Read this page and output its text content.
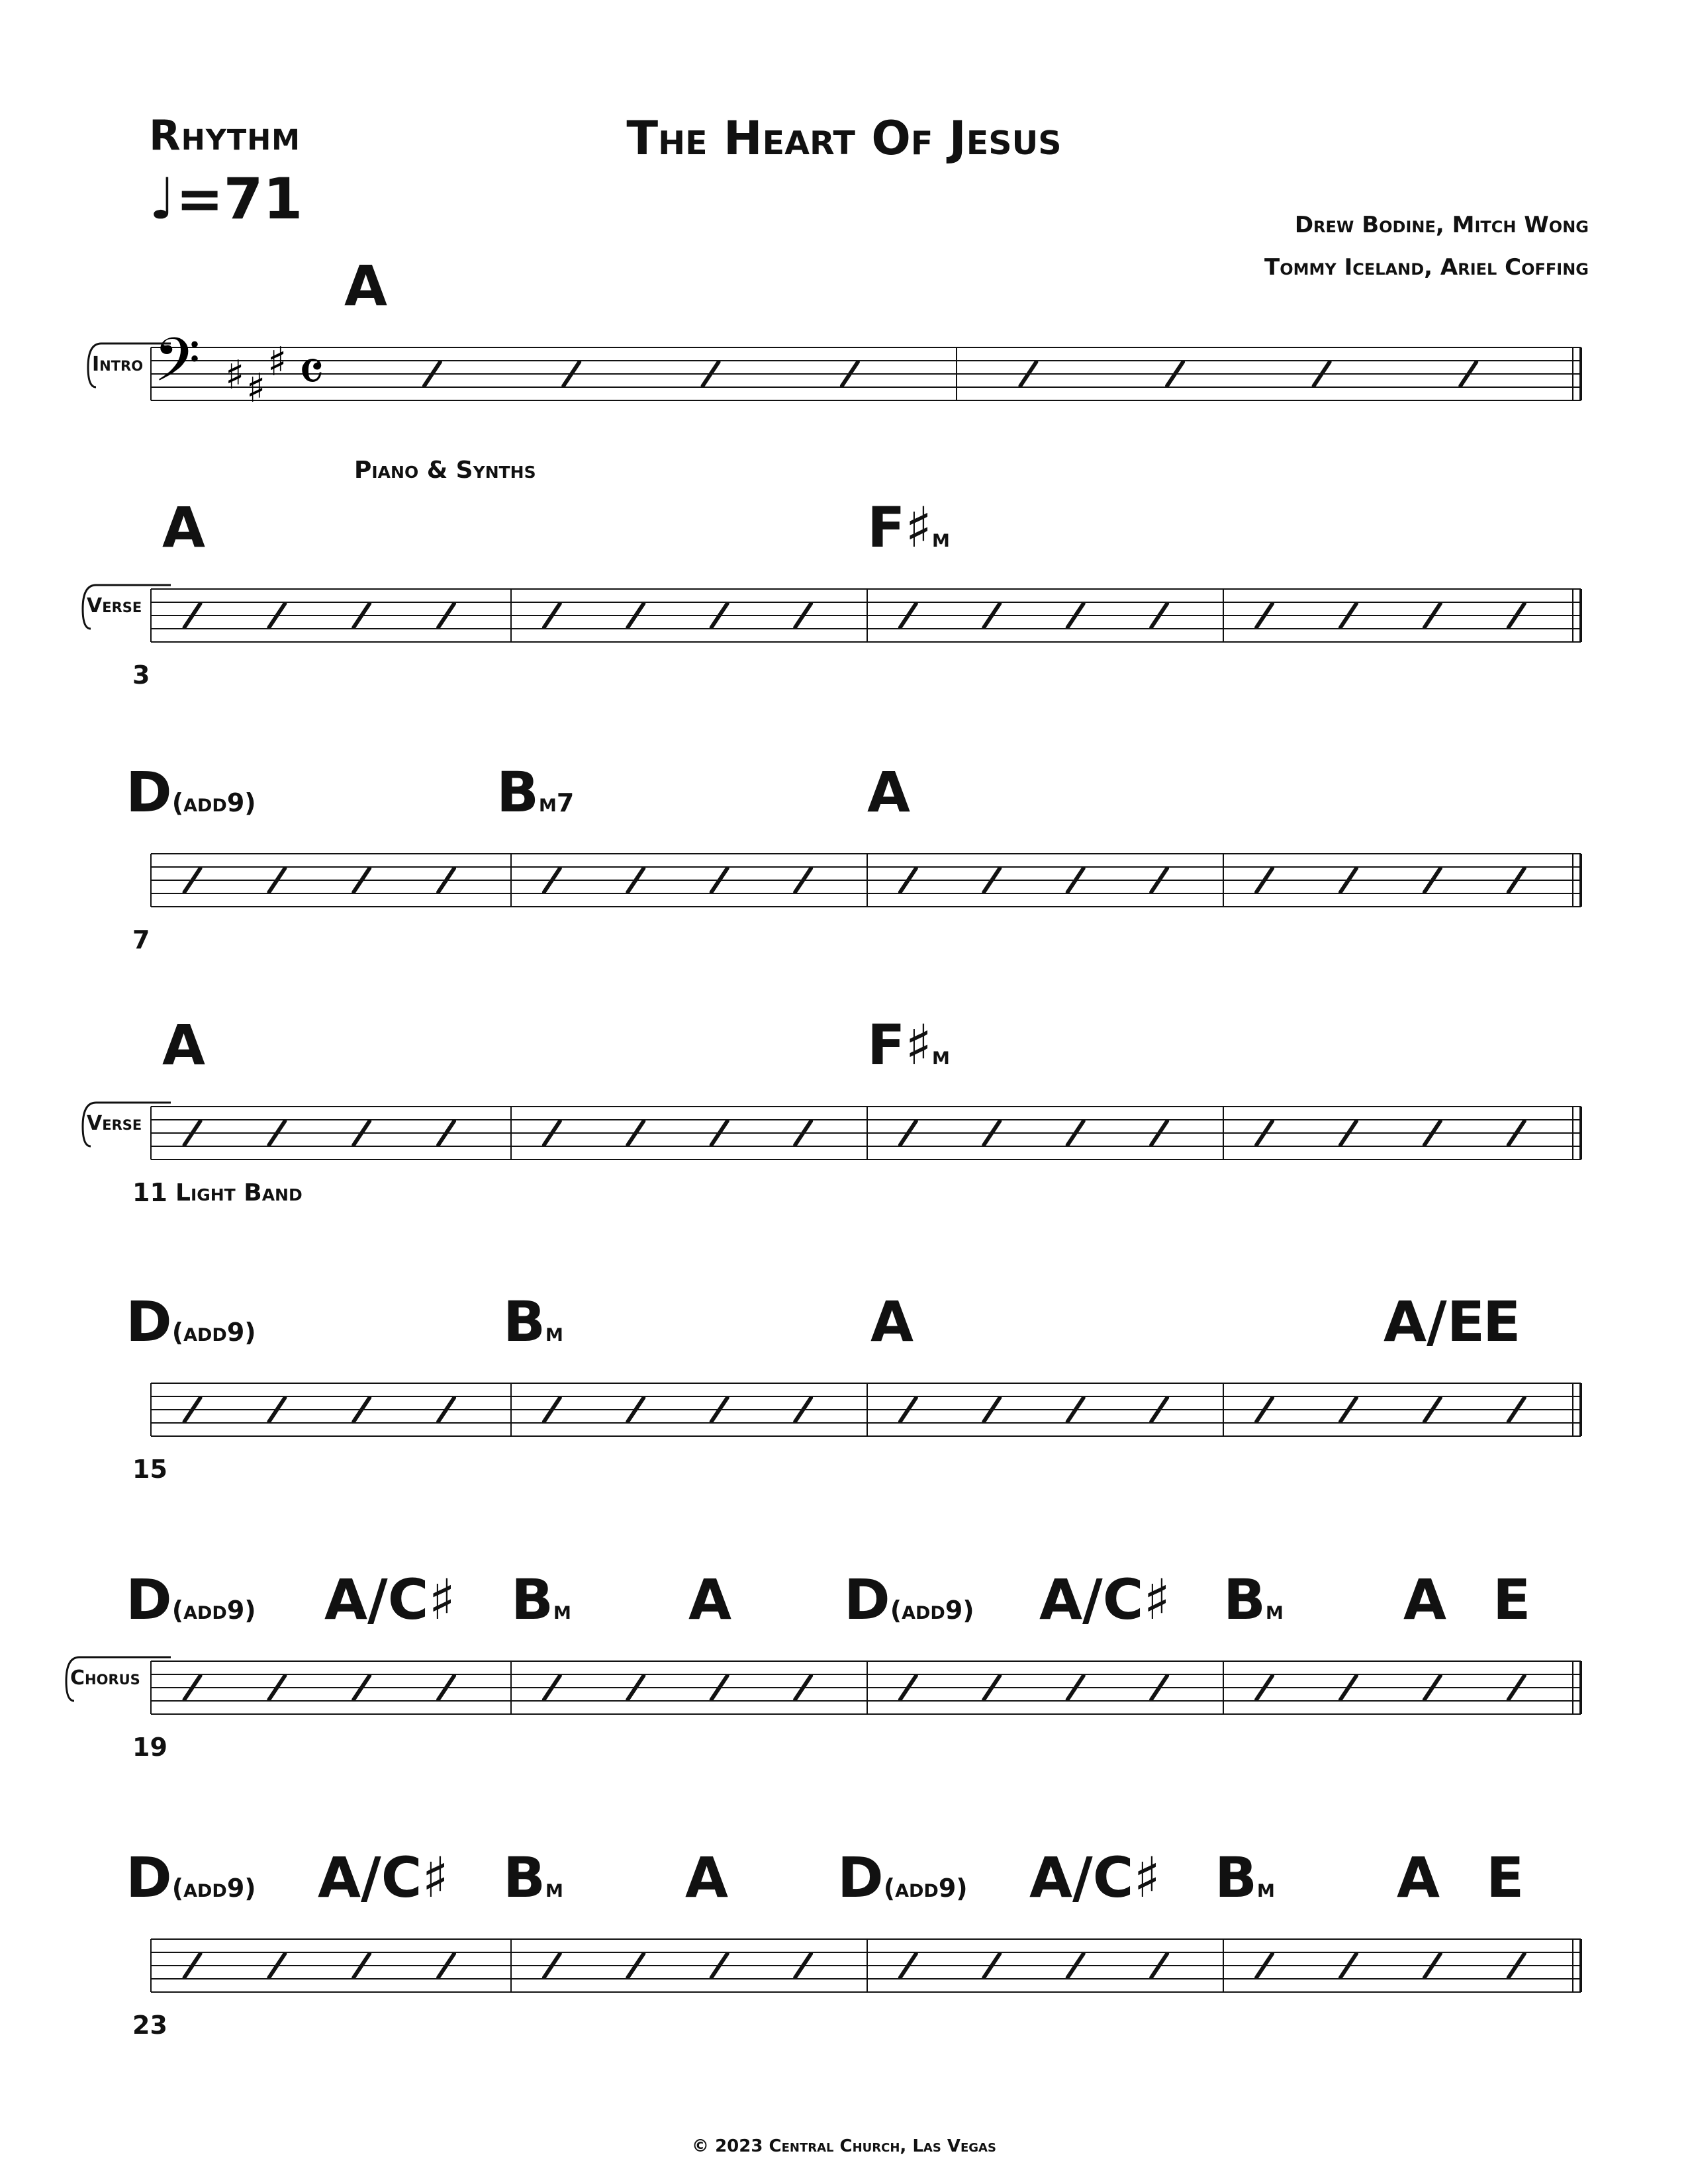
Rhythm
♩=71
The Heart Of Jesus
Drew Bodine, Mitch Wong
Tommy Iceland, Ariel Coffing
𝄢 ♯ ♯
♯ 𝄴
Intro
Piano & Synths
A
Verse
3
A	F♯m
7
D(add9)	Bm7	A
Verse
11 Light Band
A	F♯m
15
D(add9)	Bm	A	A/E
E
Chorus
19
D(add9) A/C♯ Bm A D(add9) A/C♯ Bm A E
23
D(add9) A/C♯ Bm A D(add9) A/C♯ Bm A E
© 2023 Central Church, Las Vegas
